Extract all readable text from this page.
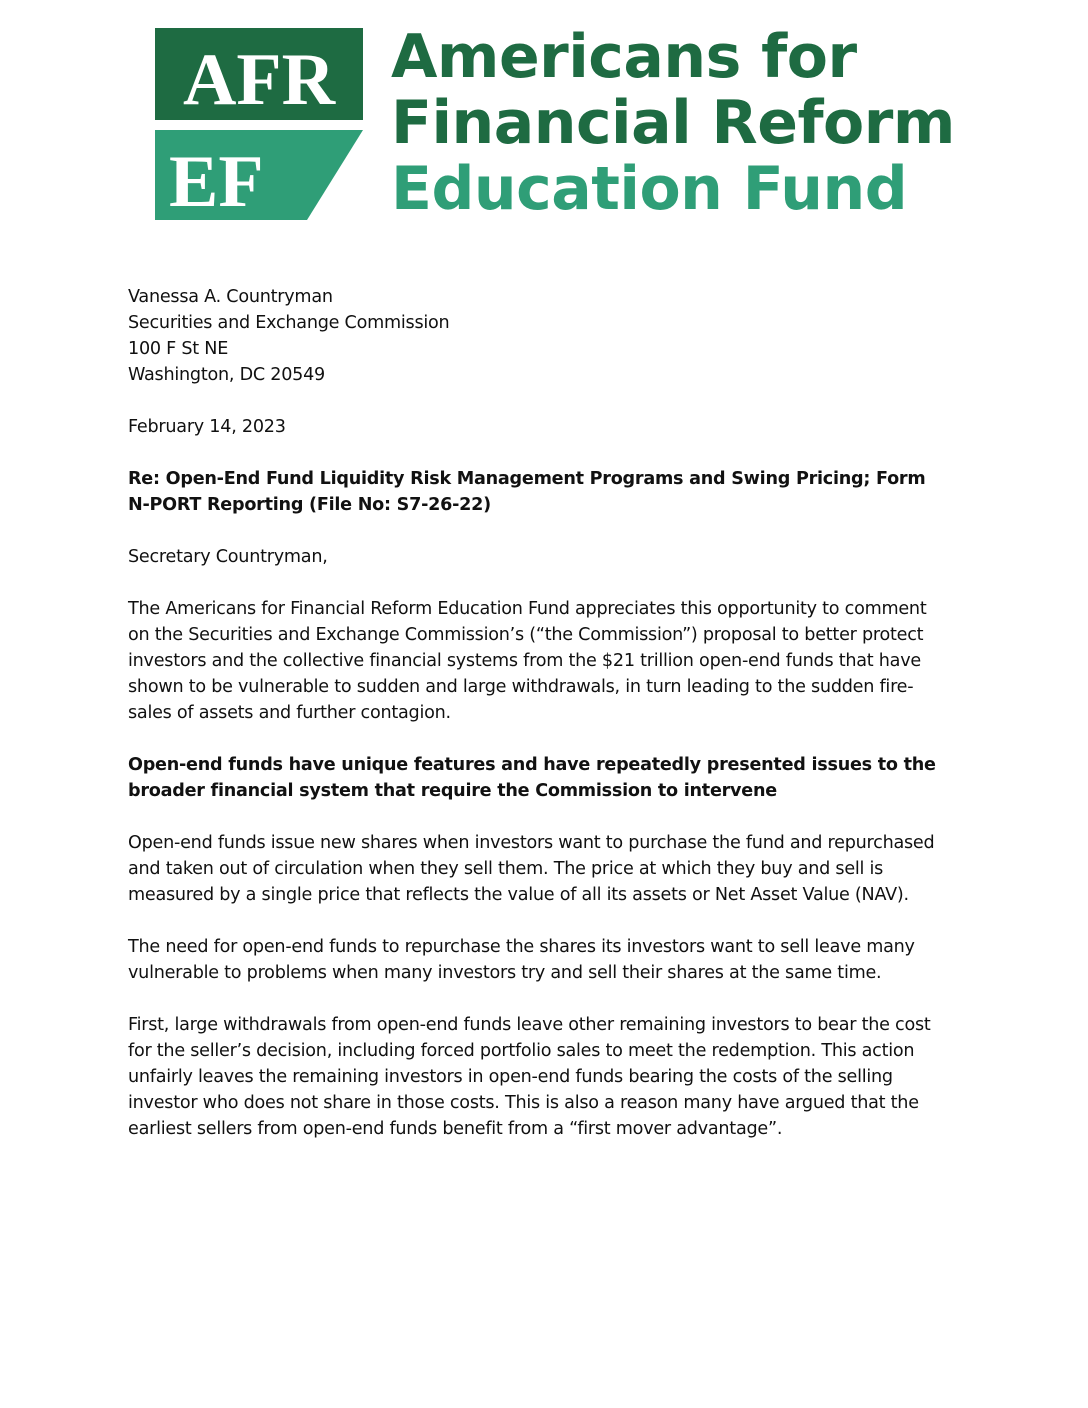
AFR
EF
Americans for
Financial Reform
Education Fund
Vanessa A. Countryman
Securities and Exchange Commission
100 F St NE
Washington, DC 20549

February 14, 2023

Re: Open-End Fund Liquidity Risk Management Programs and Swing Pricing; Form N-PORT Reporting (File No: S7-26-22)

Secretary Countryman,

The Americans for Financial Reform Education Fund appreciates this opportunity to comment on the Securities and Exchange Commission’s (“the Commission”) proposal to better protect investors and the collective financial systems from the $21 trillion open-end funds that have shown to be vulnerable to sudden and large withdrawals, in turn leading to the sudden fire-sales of assets and further contagion.

Open-end funds have unique features and have repeatedly presented issues to the broader financial system that require the Commission to intervene

Open-end funds issue new shares when investors want to purchase the fund and repurchased and taken out of circulation when they sell them. The price at which they buy and sell is measured by a single price that reflects the value of all its assets or Net Asset Value (NAV).

The need for open-end funds to repurchase the shares its investors want to sell leave many vulnerable to problems when many investors try and sell their shares at the same time.

First, large withdrawals from open-end funds leave other remaining investors to bear the cost for the seller’s decision, including forced portfolio sales to meet the redemption. This action unfairly leaves the remaining investors in open-end funds bearing the costs of the selling investor who does not share in those costs. This is also a reason many have argued that the earliest sellers from open-end funds benefit from a “first mover advantage”.
